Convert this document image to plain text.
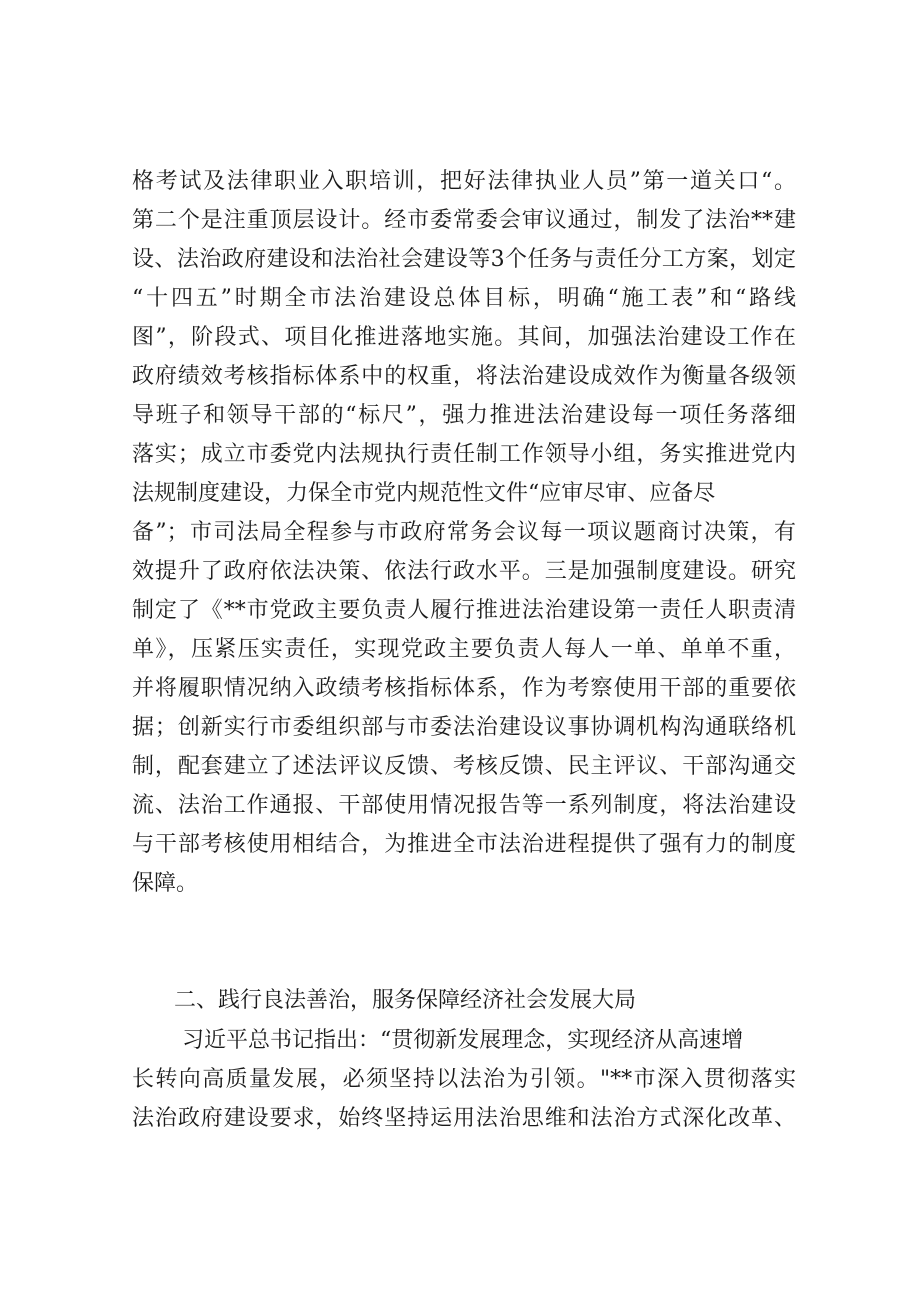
格考试及法律职业入职培训，把好法律执业人员”第一道关口“。
第二个是注重顶层设计。经市委常委会审议通过，制发了法治**建
设、法治政府建设和法治社会建设等3个任务与责任分工方案，划定
“十四五”时期全市法治建设总体目标，明确“施工表”和“路线
图”，阶段式、项目化推进落地实施。其间，加强法治建设工作在
政府绩效考核指标体系中的权重，将法治建设成效作为衡量各级领
导班子和领导干部的“标尺”，强力推进法治建设每一项任务落细
落实；成立市委党内法规执行责任制工作领导小组，务实推进党内
法规制度建设，力保全市党内规范性文件“应审尽审、应备尽
备”；市司法局全程参与市政府常务会议每一项议题商讨决策，有
效提升了政府依法决策、依法行政水平。三是加强制度建设。研究
制定了《**市党政主要负责人履行推进法治建设第一责任人职责清
单》，压紧压实责任，实现党政主要负责人每人一单、单单不重，
并将履职情况纳入政绩考核指标体系，作为考察使用干部的重要依
据；创新实行市委组织部与市委法治建设议事协调机构沟通联络机
制，配套建立了述法评议反馈、考核反馈、民主评议、干部沟通交
流、法治工作通报、干部使用情况报告等一系列制度，将法治建设
与干部考核使用相结合，为推进全市法治进程提供了强有力的制度
保障。
二、践行良法善治，服务保障经济社会发展大局
习近平总书记指出：“贯彻新发展理念，实现经济从高速增
长转向高质量发展，必须坚持以法治为引领。"**市深入贯彻落实
法治政府建设要求，始终坚持运用法治思维和法治方式深化改革、
